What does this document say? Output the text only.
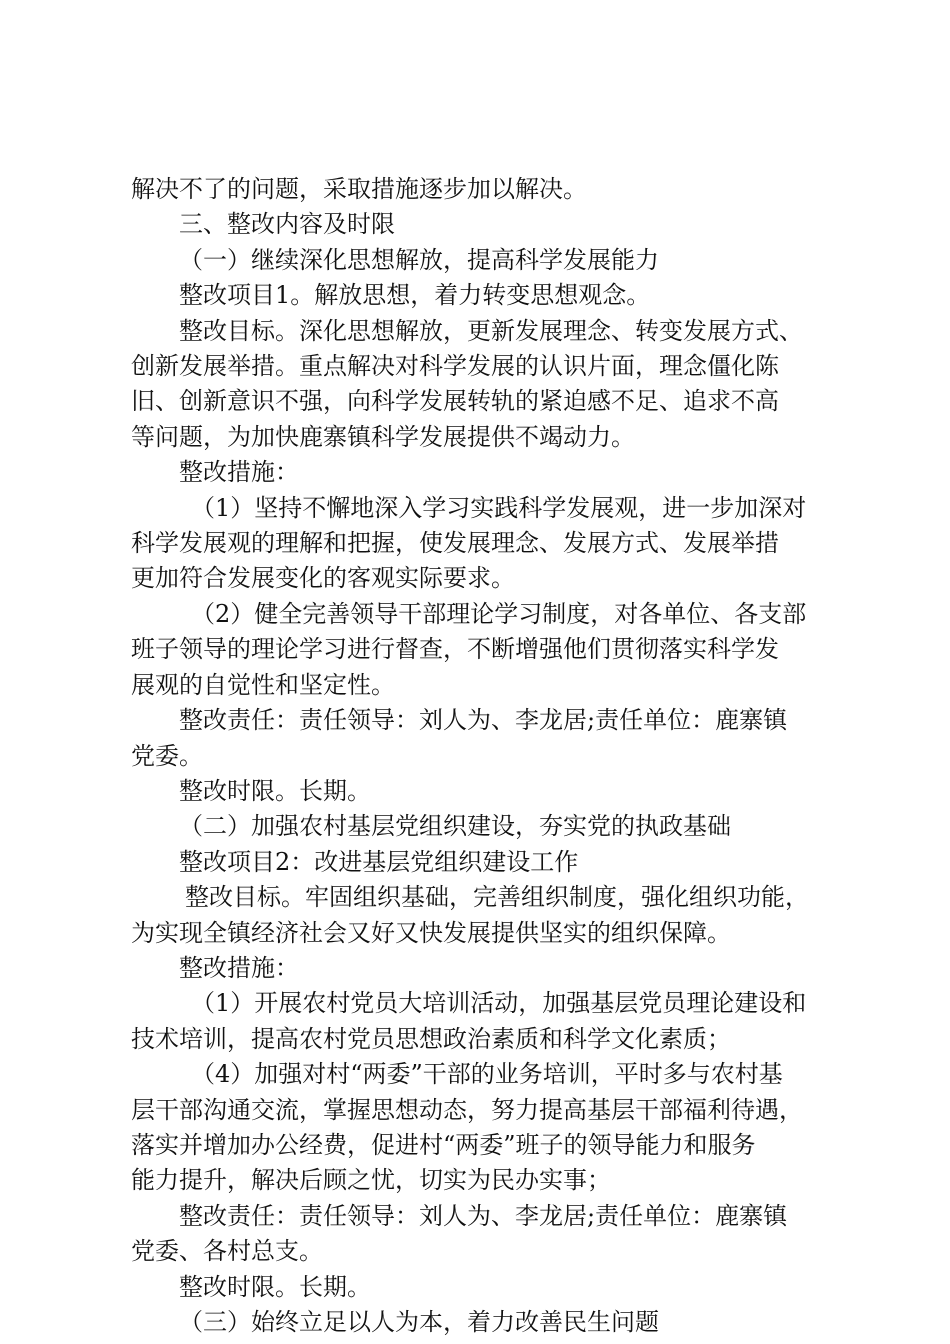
解决不了的问题，采取措施逐步加以解决。

三、整改内容及时限

（一）继续深化思想解放，提高科学发展能力

整改项目1。解放思想，着力转变思想观念。

整改目标。深化思想解放，更新发展理念、转变发展方式、

创新发展举措。重点解决对科学发展的认识片面，理念僵化陈

旧、创新意识不强，向科学发展转轨的紧迫感不足、追求不高

等问题，为加快鹿寨镇科学发展提供不竭动力。

整改措施：

（1）坚持不懈地深入学习实践科学发展观，进一步加深对

科学发展观的理解和把握，使发展理念、发展方式、发展举措

更加符合发展变化的客观实际要求。

（2）健全完善领导干部理论学习制度，对各单位、各支部

班子领导的理论学习进行督查，不断增强他们贯彻落实科学发

展观的自觉性和坚定性。

整改责任：责任领导：刘人为、李龙居;责任单位：鹿寨镇

党委。

整改时限。长期。

（二）加强农村基层党组织建设，夯实党的执政基础

整改项目2：改进基层党组织建设工作

整改目标。牢固组织基础，完善组织制度，强化组织功能，

为实现全镇经济社会又好又快发展提供坚实的组织保障。

整改措施：

（1）开展农村党员大培训活动，加强基层党员理论建设和

技术培训，提高农村党员思想政治素质和科学文化素质；

（4）加强对村“两委”干部的业务培训，平时多与农村基

层干部沟通交流，掌握思想动态，努力提高基层干部福利待遇，

落实并增加办公经费，促进村“两委”班子的领导能力和服务

能力提升，解决后顾之忧，切实为民办实事；

整改责任：责任领导：刘人为、李龙居;责任单位：鹿寨镇

党委、各村总支。

整改时限。长期。

（三）始终立足以人为本，着力改善民生问题
